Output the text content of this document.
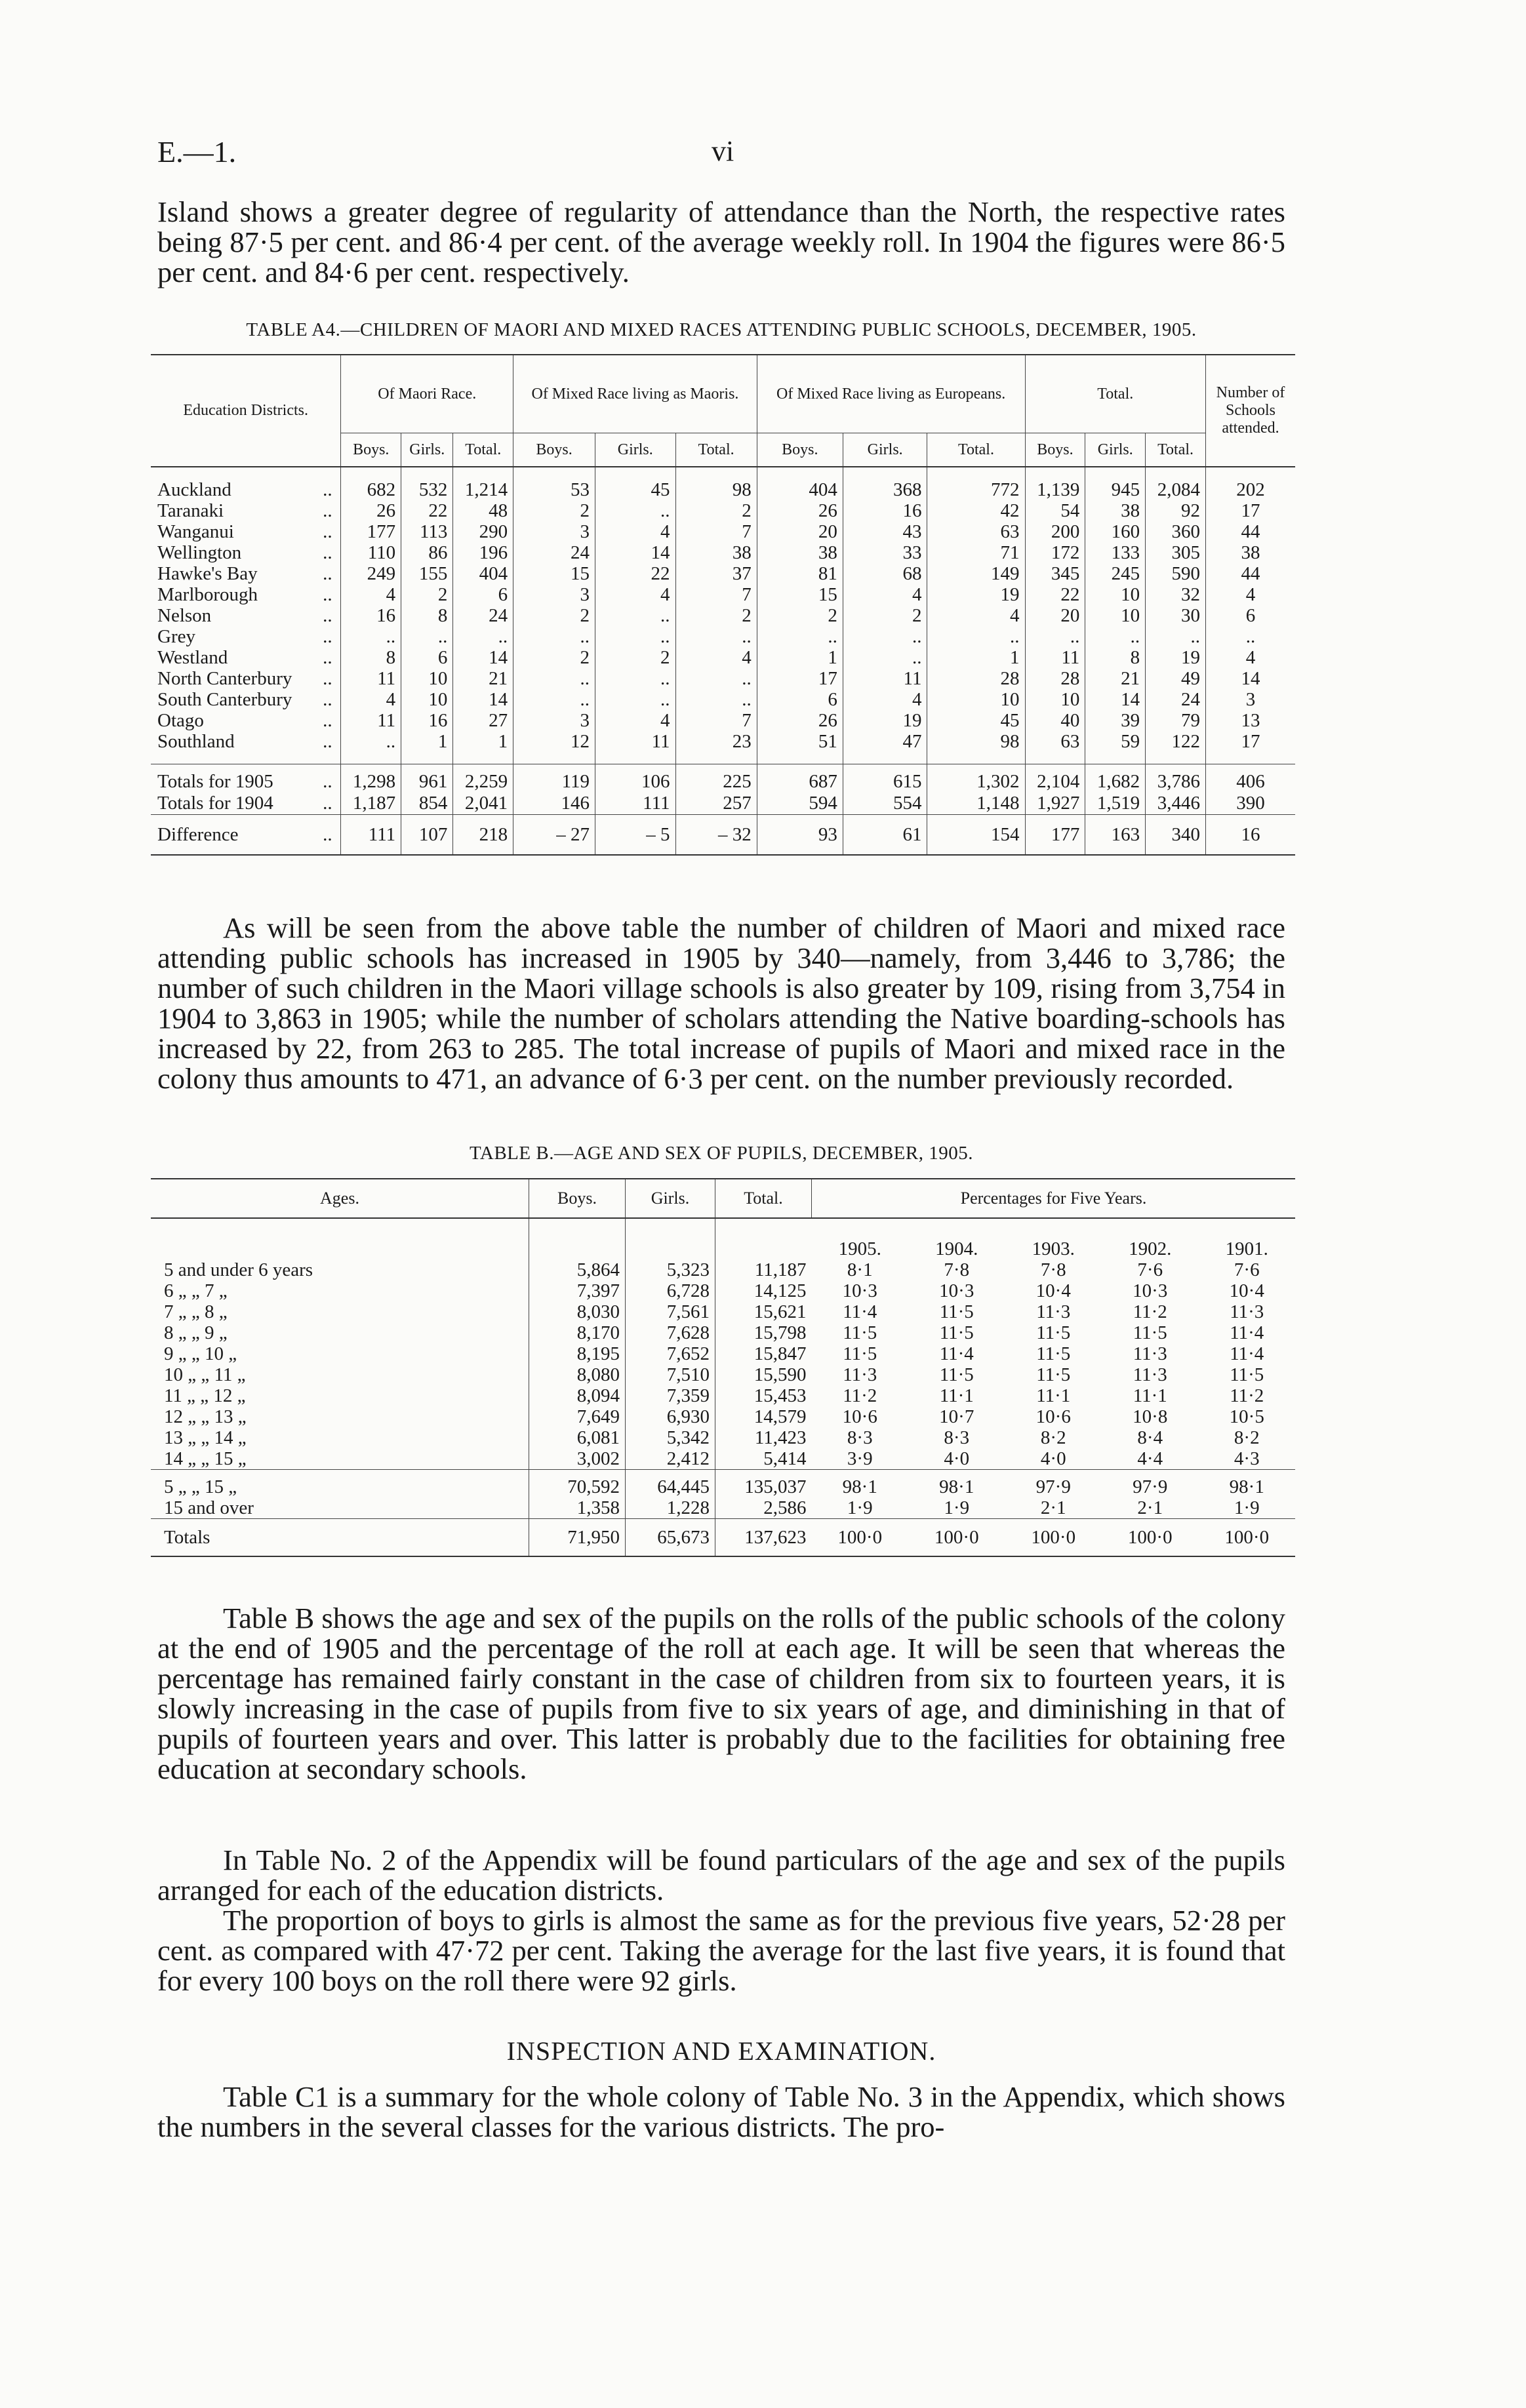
E.—1.	vi
Island shows a greater degree of regularity of attendance than the North, the respective rates being 87·5 per cent. and 86·4 per cent. of the average weekly roll. In 1904 the figures were 86·5 per cent. and 84·6 per cent. respectively.
TABLE A4.—CHILDREN OF MAORI AND MIXED RACES ATTENDING PUBLIC SCHOOLS, DECEMBER, 1905.
Education Districts.		Of Maori Race.			Of Mixed Race living as Maoris.			Of Mixed Race living as Europeans.			Total.			Number of Schools attended.
		Boys.	Girls.	Total.	Boys.	Girls.	Total.	Boys.	Girls.	Total.	Boys.	Girls.	Total.	
Auckland	..	682	532	1,214	53	45	98	404	368	772	1,139	945	2,084	202
Taranaki	..	26	22	48	2	..	2	26	16	42	54	38	92	17
Wanganui	..	177	113	290	3	4	7	20	43	63	200	160	360	44
Wellington	..	110	86	196	24	14	38	38	33	71	172	133	305	38
Hawke's Bay	..	249	155	404	15	22	37	81	68	149	345	245	590	44
Marlborough	..	4	2	6	3	4	7	15	4	19	22	10	32	4
Nelson	..	16	8	24	2	..	2	2	2	4	20	10	30	6
Grey	..	..	..	..	..	..	..	..	..	..	..	..	..	..
Westland	..	8	6	14	2	2	4	1	..	1	11	8	19	4
North Canterbury	..	11	10	21	..	..	..	17	11	28	28	21	49	14
South Canterbury	..	4	10	14	..	..	..	6	4	10	10	14	24	3
Otago	..	11	16	27	3	4	7	26	19	45	40	39	79	13
Southland	..	..	1	1	12	11	23	51	47	98	63	59	122	17
Totals for 1905	..	1,298	961	2,259	119	106	225	687	615	1,302	2,104	1,682	3,786	406
Totals for 1904	..	1,187	854	2,041	146	111	257	594	554	1,148	1,927	1,519	3,446	390
Difference	..	111	107	218	– 27	– 5	– 32	93	61	154	177	163	340	16
As will be seen from the above table the number of children of Maori and mixed race attending public schools has increased in 1905 by 340—namely, from 3,446 to 3,786; the number of such children in the Maori village schools is also greater by 109, rising from 3,754 in 1904 to 3,863 in 1905; while the number of scholars attending the Native boarding-schools has increased by 22, from 263 to 285. The total increase of pupils of Maori and mixed race in the colony thus amounts to 471, an advance of 6·3 per cent. on the number previously recorded.
TABLE B.—AGE AND SEX OF PUPILS, DECEMBER, 1905.
Ages.	Boys.	Girls.	Total.	Percentages for Five Years.				
				1905.	1904.	1903.	1902.	1901.
5 and under 6 years	5,864	5,323	11,187	8·1	7·8	7·8	7·6	7·6
6 „ „ 7 „	7,397	6,728	14,125	10·3	10·3	10·4	10·3	10·4
7 „ „ 8 „	8,030	7,561	15,621	11·4	11·5	11·3	11·2	11·3
8 „ „ 9 „	8,170	7,628	15,798	11·5	11·5	11·5	11·5	11·4
9 „ „ 10 „	8,195	7,652	15,847	11·5	11·4	11·5	11·3	11·4
10 „ „ 11 „	8,080	7,510	15,590	11·3	11·5	11·5	11·3	11·5
11 „ „ 12 „	8,094	7,359	15,453	11·2	11·1	11·1	11·1	11·2
12 „ „ 13 „	7,649	6,930	14,579	10·6	10·7	10·6	10·8	10·5
13 „ „ 14 „	6,081	5,342	11,423	8·3	8·3	8·2	8·4	8·2
14 „ „ 15 „	3,002	2,412	5,414	3·9	4·0	4·0	4·4	4·3
5 „ „ 15 „	70,592	64,445	135,037	98·1	98·1	97·9	97·9	98·1
15 and over	1,358	1,228	2,586	1·9	1·9	2·1	2·1	1·9
Totals	71,950	65,673	137,623	100·0	100·0	100·0	100·0	100·0
Table B shows the age and sex of the pupils on the rolls of the public schools of the colony at the end of 1905 and the percentage of the roll at each age. It will be seen that whereas the percentage has remained fairly constant in the case of children from six to fourteen years, it is slowly increasing in the case of pupils from five to six years of age, and diminishing in that of pupils of fourteen years and over. This latter is probably due to the facilities for obtaining free education at secondary schools.
In Table No. 2 of the Appendix will be found particulars of the age and sex of the pupils arranged for each of the education districts.
The proportion of boys to girls is almost the same as for the previous five years, 52·28 per cent. as compared with 47·72 per cent. Taking the average for the last five years, it is found that for every 100 boys on the roll there were 92 girls.
INSPECTION AND EXAMINATION.
Table C1 is a summary for the whole colony of Table No. 3 in the Appendix, which shows the numbers in the several classes for the various districts. The pro-
